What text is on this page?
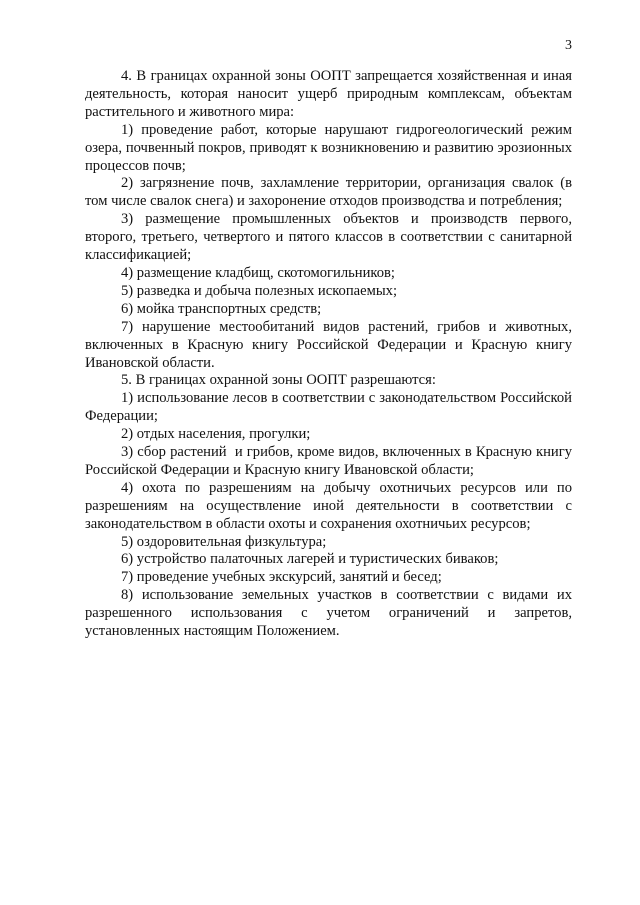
3

4. В границах охранной зоны ООПТ запрещается хозяйственная и иная деятельность, которая наносит ущерб природным комплексам, объектам растительного и животного мира:

1) проведение работ, которые нарушают гидрогеологический режим озера, почвенный покров, приводят к возникновению и развитию эрозионных процессов почв;

2) загрязнение почв, захламление территории, организация свалок (в том числе свалок снега) и захоронение отходов производства и потребления;

3) размещение промышленных объектов и производств первого, второго, третьего, четвертого и пятого классов в соответствии с санитарной классификацией;

4) размещение кладбищ, скотомогильников;

5) разведка и добыча полезных ископаемых;

6) мойка транспортных средств;

7) нарушение местообитаний видов растений, грибов и животных, включенных в Красную книгу Российской Федерации и Красную книгу Ивановской области.

5. В границах охранной зоны ООПТ разрешаются:

1) использование лесов в соответствии с законодательством Российской Федерации;

2) отдых населения, прогулки;

3) сбор растений  и грибов, кроме видов, включенных в Красную книгу Российской Федерации и Красную книгу Ивановской области;

4) охота по разрешениям на добычу охотничьих ресурсов или по разрешениям на осуществление иной деятельности в соответствии с законодательством в области охоты и сохранения охотничьих ресурсов;

5) оздоровительная физкультура;

6) устройство палаточных лагерей и туристических биваков;

7) проведение учебных экскурсий, занятий и бесед;

8) использование земельных участков в соответствии с видами их разрешенного использования с учетом ограничений и запретов, установленных настоящим Положением.
